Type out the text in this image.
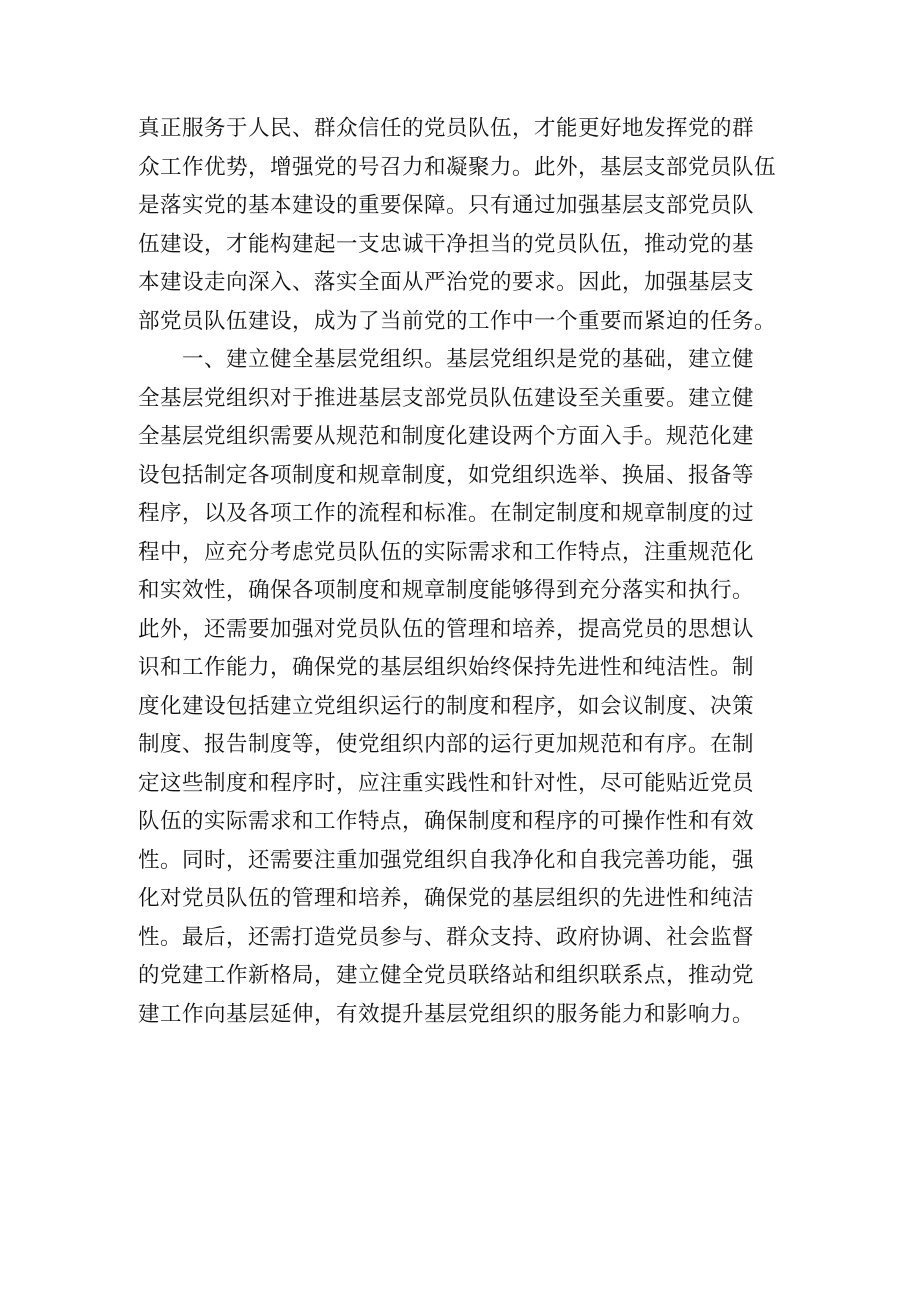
真正服务于人民、群众信任的党员队伍，才能更好地发挥党的群
众工作优势，增强党的号召力和凝聚力。此外，基层支部党员队伍
是落实党的基本建设的重要保障。只有通过加强基层支部党员队
伍建设，才能构建起一支忠诚干净担当的党员队伍，推动党的基
本建设走向深入、落实全面从严治党的要求。因此，加强基层支
部党员队伍建设，成为了当前党的工作中一个重要而紧迫的任务。
一、建立健全基层党组织。基层党组织是党的基础，建立健
全基层党组织对于推进基层支部党员队伍建设至关重要。建立健
全基层党组织需要从规范和制度化建设两个方面入手。规范化建
设包括制定各项制度和规章制度，如党组织选举、换届、报备等
程序，以及各项工作的流程和标准。在制定制度和规章制度的过
程中，应充分考虑党员队伍的实际需求和工作特点，注重规范化
和实效性，确保各项制度和规章制度能够得到充分落实和执行。
此外，还需要加强对党员队伍的管理和培养，提高党员的思想认
识和工作能力，确保党的基层组织始终保持先进性和纯洁性。制
度化建设包括建立党组织运行的制度和程序，如会议制度、决策
制度、报告制度等，使党组织内部的运行更加规范和有序。在制
定这些制度和程序时，应注重实践性和针对性，尽可能贴近党员
队伍的实际需求和工作特点，确保制度和程序的可操作性和有效
性。同时，还需要注重加强党组织自我净化和自我完善功能，强
化对党员队伍的管理和培养，确保党的基层组织的先进性和纯洁
性。最后，还需打造党员参与、群众支持、政府协调、社会监督
的党建工作新格局，建立健全党员联络站和组织联系点，推动党
建工作向基层延伸，有效提升基层党组织的服务能力和影响力。
